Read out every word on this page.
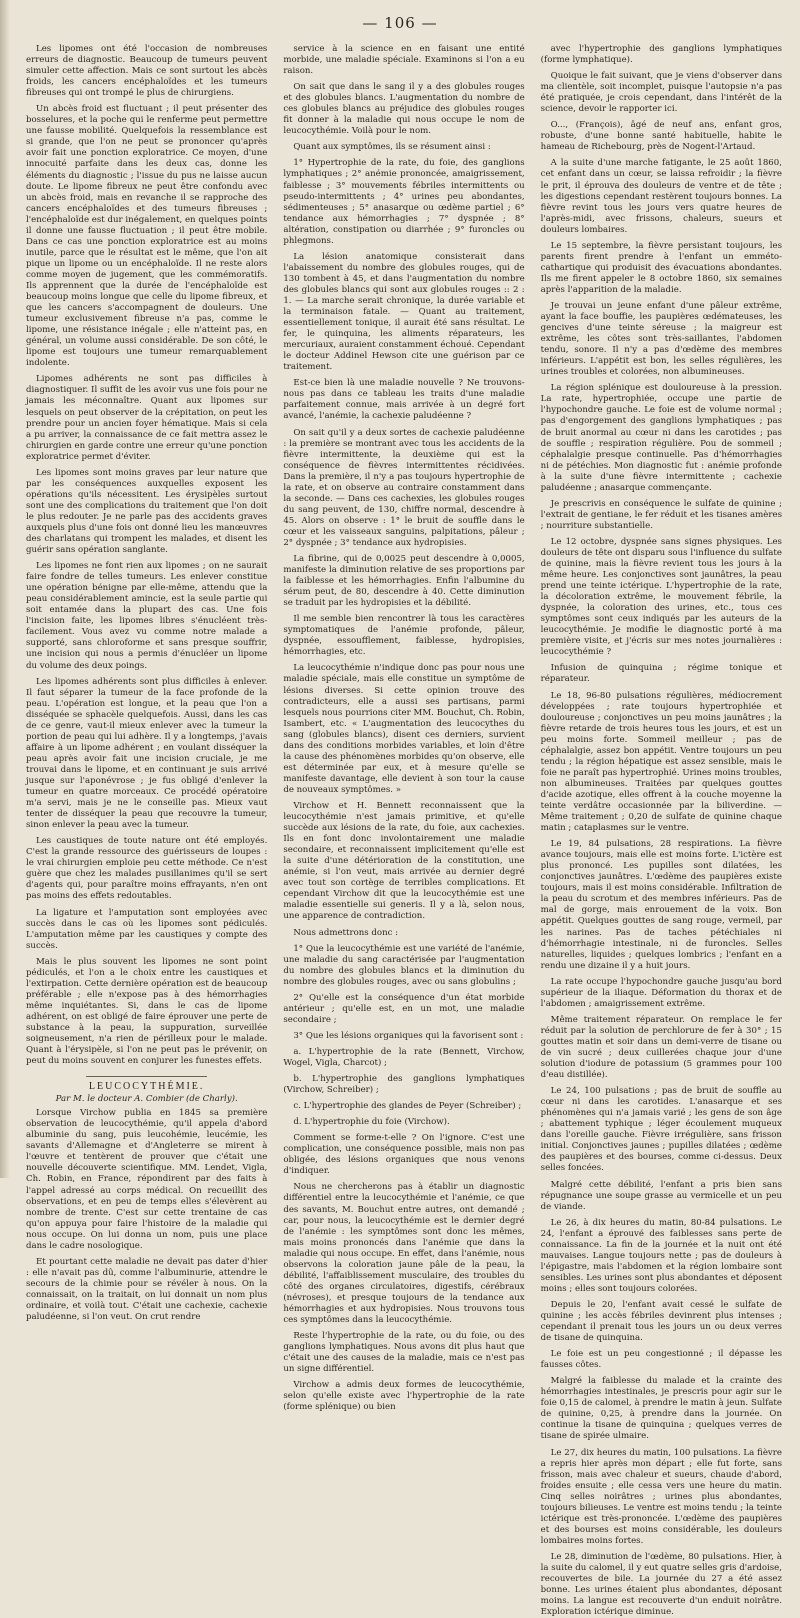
— 106 —

Les lipomes ont été l'occasion de nombreuses erreurs de diagnostic. Beaucoup de tumeurs peuvent simuler cette affection. Mais ce sont surtout les abcès froids, les cancers encéphaloïdes et les tumeurs fibreuses qui ont trompé le plus de chirurgiens.

Un abcès froid est fluctuant ; il peut présenter des bosselures, et la poche qui le renferme peut permettre une fausse mobilité. Quelquefois la ressemblance est si grande, que l'on ne peut se prononcer qu'après avoir fait une ponction exploratrice. Ce moyen, d'une innocuité parfaite dans les deux cas, donne les éléments du diagnostic ; l'issue du pus ne laisse aucun doute. Le lipome fibreux ne peut être confondu avec un abcès froid, mais en revanche il se rapproche des cancers encéphaloïdes et des tumeurs fibreuses ; l'encéphaloïde est dur inégalement, en quelques points il donne une fausse fluctuation ; il peut être mobile. Dans ce cas une ponction exploratrice est au moins inutile, parce que le résultat est le même, que l'on ait pique un lipome ou un encéphaloïde. Il ne reste alors comme moyen de jugement, que les commémoratifs. Ils apprennent que la durée de l'encéphaloïde est beaucoup moins longue que celle du lipome fibreux, et que les cancers s'accompagnent de douleurs. Une tumeur exclusivement fibreuse n'a pas, comme le lipome, une résistance inégale ; elle n'atteint pas, en général, un volume aussi considérable. De son côté, le lipome est toujours une tumeur remarquablement indolente.

Lipomes adhérents ne sont pas difficiles à diagnostiquer. Il suffit de les avoir vus une fois pour ne jamais les méconnaître. Quant aux lipomes sur lesquels on peut observer de la crépitation, on peut les prendre pour un ancien foyer hématique. Mais si cela a pu arriver, la connaissance de ce fait mettra assez le chirurgien en garde contre une erreur qu'une ponction exploratrice permet d'éviter.

Les lipomes sont moins graves par leur nature que par les conséquences auxquelles exposent les opérations qu'ils nécessitent. Les érysipèles surtout sont une des complications du traitement que l'on doit le plus redouter. Je ne parle pas des accidents graves auxquels plus d'une fois ont donné lieu les manœuvres des charlatans qui trompent les malades, et disent les guérir sans opération sanglante.

Les lipomes ne font rien aux lipomes ; on ne saurait faire fondre de telles tumeurs. Les enlever constitue une opération bénigne par elle-même, attendu que la peau considérablement amincie, est la seule partie qui soit entamée dans la plupart des cas. Une fois l'incision faite, les lipomes libres s'énucléent très-facilement. Vous avez vu comme notre malade a supporté, sans chloroforme et sans presque souffrir, une incision qui nous a permis d'énucléer un lipome du volume des deux poings.

Les lipomes adhérents sont plus difficiles à enlever. Il faut séparer la tumeur de la face profonde de la peau. L'opération est longue, et la peau que l'on a disséquée se sphacèle quelquefois. Aussi, dans les cas de ce genre, vaut-il mieux enlever avec la tumeur la portion de peau qui lui adhère. Il y a longtemps, j'avais affaire à un lipome adhérent ; en voulant disséquer la peau après avoir fait une incision cruciale, je me trouvai dans le lipome, et en continuant je suis arrivé jusque sur l'aponévrose ; je fus obligé d'enlever la tumeur en quatre morceaux. Ce procédé opératoire m'a servi, mais je ne le conseille pas. Mieux vaut tenter de disséquer la peau que recouvre la tumeur, sinon enlever la peau avec la tumeur.

Les caustiques de toute nature ont été employés. C'est la grande ressource des guérisseurs de loupes : le vrai chirurgien emploie peu cette méthode. Ce n'est guère que chez les malades pusillanimes qu'il se sert d'agents qui, pour paraître moins effrayants, n'en ont pas moins des effets redoutables.

La ligature et l'amputation sont employées avec succès dans le cas où les lipomes sont pédiculés. L'amputation même par les caustiques y compte des succès.

Mais le plus souvent les lipomes ne sont point pédiculés, et l'on a le choix entre les caustiques et l'extirpation. Cette dernière opération est de beaucoup préférable ; elle n'expose pas à des hémorrhagies même inquiétantes. Si, dans le cas de lipome adhérent, on est obligé de faire éprouver une perte de substance à la peau, la suppuration, surveillée soigneusement, n'a rien de périlleux pour le malade. Quant à l'érysipèle, si l'on ne peut pas le prévenir, on peut du moins souvent en conjurer les funestes effets.

LEUCOCYTHÉMIE.
Par M. le docteur A. Combier (de Charly).

Lorsque Virchow publia en 1845 sa première observation de leucocythémie, qu'il appela d'abord albuminie du sang, puis leucohémie, leucémie, les savants d'Allemagne et d'Angleterre se mirent à l'œuvre et tentèrent de prouver que c'était une nouvelle découverte scientifique. MM. Lendet, Vigla, Ch. Robin, en France, répondirent par des faits à l'appel adressé au corps médical. On recueillit des observations, et en peu de temps elles s'élevèrent au nombre de trente. C'est sur cette trentaine de cas qu'on appuya pour faire l'histoire de la maladie qui nous occupe. On lui donna un nom, puis une place dans le cadre nosologique.

Et pourtant cette maladie ne devait pas dater d'hier : elle n'avait pas dû, comme l'albuminurie, attendre le secours de la chimie pour se révéler à nous. On la connaissait, on la traitait, on lui donnait un nom plus ordinaire, et voilà tout. C'était une cachexie, cachexie paludéenne, si l'on veut. On crut rendre

service à la science en en faisant une entité morbide, une maladie spéciale. Examinons si l'on a eu raison.

On sait que dans le sang il y a des globules rouges et des globules blancs. L'augmentation du nombre de ces globules blancs au préjudice des globules rouges fit donner à la maladie qui nous occupe le nom de leucocythémie. Voilà pour le nom.

Quant aux symptômes, ils se résument ainsi :

1° Hypertrophie de la rate, du foie, des ganglions lymphatiques ; 2° anémie prononcée, amaigrissement, faiblesse ; 3° mouvements fébriles intermittents ou pseudo-intermittents ; 4° urines peu abondantes, sédimenteuses ; 5° anasarque ou œdème partiel ; 6° tendance aux hémorrhagies ; 7° dyspnée ; 8° altération, constipation ou diarrhée ; 9° furoncles ou phlegmons.

La lésion anatomique consisterait dans l'abaissement du nombre des globules rouges, qui de 130 tombent à 45, et dans l'augmentation du nombre des globules blancs qui sont aux globules rouges :: 2 : 1. — La marche serait chronique, la durée variable et la terminaison fatale. — Quant au traitement, essentiellement tonique, il aurait été sans résultat. Le fer, le quinquina, les aliments réparateurs, les mercuriaux, auraient constamment échoué. Cependant le docteur Addinel Hewson cite une guérison par ce traitement.

Est-ce bien là une maladie nouvelle ? Ne trouvons-nous pas dans ce tableau les traits d'une maladie parfaitement connue, mais arrivée à un degré fort avancé, l'anémie, la cachexie paludéenne ?

On sait qu'il y a deux sortes de cachexie paludéenne : la première se montrant avec tous les accidents de la fièvre intermittente, la deuxième qui est la conséquence de fièvres intermittentes récidivées. Dans la première, il n'y a pas toujours hypertrophie de la rate, et on observe au contraire constamment dans la seconde. — Dans ces cachexies, les globules rouges du sang peuvent, de 130, chiffre normal, descendre à 45. Alors on observe : 1° le bruit de souffle dans le cœur et les vaisseaux sanguins, palpitations, pâleur ; 2° dyspnée ; 3° tendance aux hydropisies.

La fibrine, qui de 0,0025 peut descendre à 0,0005, manifeste la diminution relative de ses proportions par la faiblesse et les hémorrhagies. Enfin l'albumine du sérum peut, de 80, descendre à 40. Cette diminution se traduit par les hydropisies et la débilité.

Il me semble bien rencontrer là tous les caractères symptomatiques de l'anémie profonde, pâleur, dyspnée, essoufflement, faiblesse, hydropisies, hémorrhagies, etc.

La leucocythémie n'indique donc pas pour nous une maladie spéciale, mais elle constitue un symptôme de lésions diverses. Si cette opinion trouve des contradicteurs, elle a aussi ses partisans, parmi lesquels nous pourrions citer MM. Bouchut, Ch. Robin, Isambert, etc. « L'augmentation des leucocythes du sang (globules blancs), disent ces derniers, survient dans des conditions morbides variables, et loin d'être la cause des phénomènes morbides qu'on observe, elle est déterminée par eux, et à mesure qu'elle se manifeste davantage, elle devient à son tour la cause de nouveaux symptômes. »

Virchow et H. Bennett reconnaissent que la leucocythémie n'est jamais primitive, et qu'elle succède aux lésions de la rate, du foie, aux cachexies. Ils en font donc involontairement une maladie secondaire, et reconnaissent implicitement qu'elle est la suite d'une détérioration de la constitution, une anémie, si l'on veut, mais arrivée au dernier degré avec tout son cortège de terribles complications. Et cependant Virchow dit que la leucocythémie est une maladie essentielle sui generis. Il y a là, selon nous, une apparence de contradiction.

Nous admettrons donc :

1° Que la leucocythémie est une variété de l'anémie, une maladie du sang caractérisée par l'augmentation du nombre des globules blancs et la diminution du nombre des globules rouges, avec ou sans globulins ;

2° Qu'elle est la conséquence d'un état morbide antérieur ; qu'elle est, en un mot, une maladie secondaire ;

3° Que les lésions organiques qui la favorisent sont :

a. L'hypertrophie de la rate (Bennett, Virchow, Wogel, Vigla, Charcot) ;

b. L'hypertrophie des ganglions lymphatiques (Virchow, Schreiber) ;

c. L'hypertrophie des glandes de Peyer (Schreiber) ;

d. L'hypertrophie du foie (Virchow).

Comment se forme-t-elle ? On l'ignore. C'est une complication, une conséquence possible, mais non pas obligée, des lésions organiques que nous venons d'indiquer.

Nous ne chercherons pas à établir un diagnostic différentiel entre la leucocythémie et l'anémie, ce que des savants, M. Bouchut entre autres, ont demandé ; car, pour nous, la leucocythémie est le dernier degré de l'anémie : les symptômes sont donc les mêmes, mais moins prononcés dans l'anémie que dans la maladie qui nous occupe. En effet, dans l'anémie, nous observons la coloration jaune pâle de la peau, la débilité, l'affaiblissement musculaire, des troubles du côté des organes circulatoires, digestifs, cérébraux (névroses), et presque toujours de la tendance aux hémorrhagies et aux hydropisies. Nous trouvons tous ces symptômes dans la leucocythémie.

Reste l'hypertrophie de la rate, ou du foie, ou des ganglions lymphatiques. Nous avons dit plus haut que c'était une des causes de la maladie, mais ce n'est pas un signe différentiel.

Virchow a admis deux formes de leucocythémie, selon qu'elle existe avec l'hypertrophie de la rate (forme splénique) ou bien

avec l'hypertrophie des ganglions lymphatiques (forme lymphatique).

Quoique le fait suivant, que je viens d'observer dans ma clientèle, soit incomplet, puisque l'autopsie n'a pas été pratiquée, je crois cependant, dans l'intérêt de la science, devoir le rapporter ici.

O..., (François), âgé de neuf ans, enfant gros, robuste, d'une bonne santé habituelle, habite le hameau de Richebourg, près de Nogent-l'Artaud.

A la suite d'une marche fatigante, le 25 août 1860, cet enfant dans un cœur, se laissa refroidir ; la fièvre le prit, il éprouva des douleurs de ventre et de tête ; les digestions cependant restèrent toujours bonnes. La fièvre revint tous les jours vers quatre heures de l'après-midi, avec frissons, chaleurs, sueurs et douleurs lombaires.

Le 15 septembre, la fièvre persistant toujours, les parents firent prendre à l'enfant un emméto-cathartique qui produisit des évacuations abondantes. Ils me firent appeler le 8 octobre 1860, six semaines après l'apparition de la maladie.

Je trouvai un jeune enfant d'une pâleur extrême, ayant la face bouffie, les paupières œdémateuses, les gencives d'une teinte séreuse ; la maigreur est extrême, les côtes sont très-saillantes, l'abdomen tendu, sonore. Il n'y a pas d'œdème des membres inférieurs. L'appétit est bon, les selles régulières, les urines troubles et colorées, non albumineuses.

La région splénique est douloureuse à la pression. La rate, hypertrophiée, occupe une partie de l'hypochondre gauche. Le foie est de volume normal ; pas d'engorgement des ganglions lymphatiques ; pas de bruit anormal au cœur ni dans les carotides ; pas de souffle ; respiration régulière. Pou de sommeil ; céphalalgie presque continuelle. Pas d'hémorrhagies ni de pétéchies. Mon diagnostic fut : anémie profonde à la suite d'une fièvre intermittente ; cachexie paludéenne ; anasarque commençante.

Je prescrivis en conséquence le sulfate de quinine ; l'extrait de gentiane, le fer réduit et les tisanes amères ; nourriture substantielle.

Le 12 octobre, dyspnée sans signes physiques. Les douleurs de tête ont disparu sous l'influence du sulfate de quinine, mais la fièvre revient tous les jours à la même heure. Les conjonctives sont jaunâtres, la peau prend une teinte ictérique. L'hypertrophie de la rate, la décoloration extrême, le mouvement fébrile, la dyspnée, la coloration des urines, etc., tous ces symptômes sont ceux indiqués par les auteurs de la leucocythémie. Je modifie le diagnostic porté à ma première visite, et j'écris sur mes notes journalières : leucocythémie ?

Infusion de quinquina ; régime tonique et réparateur.

Le 18, 96-80 pulsations régulières, médiocrement développées ; rate toujours hypertrophiée et douloureuse ; conjonctives un peu moins jaunâtres ; la fièvre retarde de trois heures tous les jours, et est un peu moins forte. Sommeil meilleur ; pas de céphalalgie, assez bon appétit. Ventre toujours un peu tendu ; la région hépatique est assez sensible, mais le foie ne paraît pas hypertrophié. Urines moins troubles, non albumineuses. Traitées par quelques gouttes d'acide azotique, elles offrent à la couche moyenne la teinte verdâtre occasionnée par la biliverdine. — Même traitement ; 0,20 de sulfate de quinine chaque matin ; cataplasmes sur le ventre.

Le 19, 84 pulsations, 28 respirations. La fièvre avance toujours, mais elle est moins forte. L'ictère est plus prononcé. Les pupilles sont dilatées, les conjonctives jaunâtres. L'œdème des paupières existe toujours, mais il est moins considérable. Infiltration de la peau du scrotum et des membres inférieurs. Pas de mal de gorge, mais enrouement de la voix. Bon appétit. Quelques gouttes de sang rouge, vermeil, par les narines. Pas de taches pétéchiales ni d'hémorrhagie intestinale, ni de furoncles. Selles naturelles, liquides ; quelques lombrics ; l'enfant en a rendu une dizaine il y a huit jours.

La rate occupe l'hypochondre gauche jusqu'au bord supérieur de la iliaque. Déformation du thorax et de l'abdomen ; amaigrissement extrême.

Même traitement réparateur. On remplace le fer réduit par la solution de perchlorure de fer à 30° ; 15 gouttes matin et soir dans un demi-verre de tisane ou de vin sucré ; deux cuillerées chaque jour d'une solution d'iodure de potassium (5 grammes pour 100 d'eau distillée).

Le 24, 100 pulsations ; pas de bruit de souffle au cœur ni dans les carotides. L'anasarque et ses phénomènes qui n'a jamais varié ; les gens de son âge ; abattement typhique ; léger écoulement muqueux dans l'oreille gauche. Fièvre irrégulière, sans frisson initial. Conjonctives jaunes ; pupilles dilatées ; œdème des paupières et des bourses, comme ci-dessus. Deux selles foncées.

Malgré cette débilité, l'enfant a pris bien sans répugnance une soupe grasse au vermicelle et un peu de viande.

Le 26, à dix heures du matin, 80-84 pulsations. Le 24, l'enfant a éprouvé des faiblesses sans perte de connaissance. La fin de la journée et la nuit ont été mauvaises. Langue toujours nette ; pas de douleurs à l'épigastre, mais l'abdomen et la région lombaire sont sensibles. Les urines sont plus abondantes et déposent moins ; elles sont toujours colorées.

Depuis le 20, l'enfant avait cessé le sulfate de quinine ; les accès fébriles devinrent plus intenses ; cependant il prenait tous les jours un ou deux verres de tisane de quinquina.

Le foie est un peu congestionné ; il dépasse les fausses côtes.

Malgré la faiblesse du malade et la crainte des hémorrhagies intestinales, je prescris pour agir sur le foie 0,15 de calomel, à prendre le matin à jeun. Sulfate de quinine, 0,25, à prendre dans la journée. On continue la tisane de quinquina ; quelques verres de tisane de spirée ulmaire.

Le 27, dix heures du matin, 100 pulsations. La fièvre a repris hier après mon départ ; elle fut forte, sans frisson, mais avec chaleur et sueurs, chaude d'abord, froides ensuite ; elle cessa vers une heure du matin. Cinq selles noirâtres ; urines plus abondantes, toujours bilieuses. Le ventre est moins tendu ; la teinte ictérique est très-prononcée. L'œdème des paupières et des bourses est moins considérable, les douleurs lombaires moins fortes.

Le 28, diminution de l'œdème, 80 pulsations. Hier, à la suite du calomel, il y eut quatre selles gris d'ardoise, recouvertes de bile. La journée du 27 a été assez bonne. Les urines étaient plus abondantes, déposant moins. La langue est recouverte d'un enduit noirâtre. Exploration ictérique diminue.
